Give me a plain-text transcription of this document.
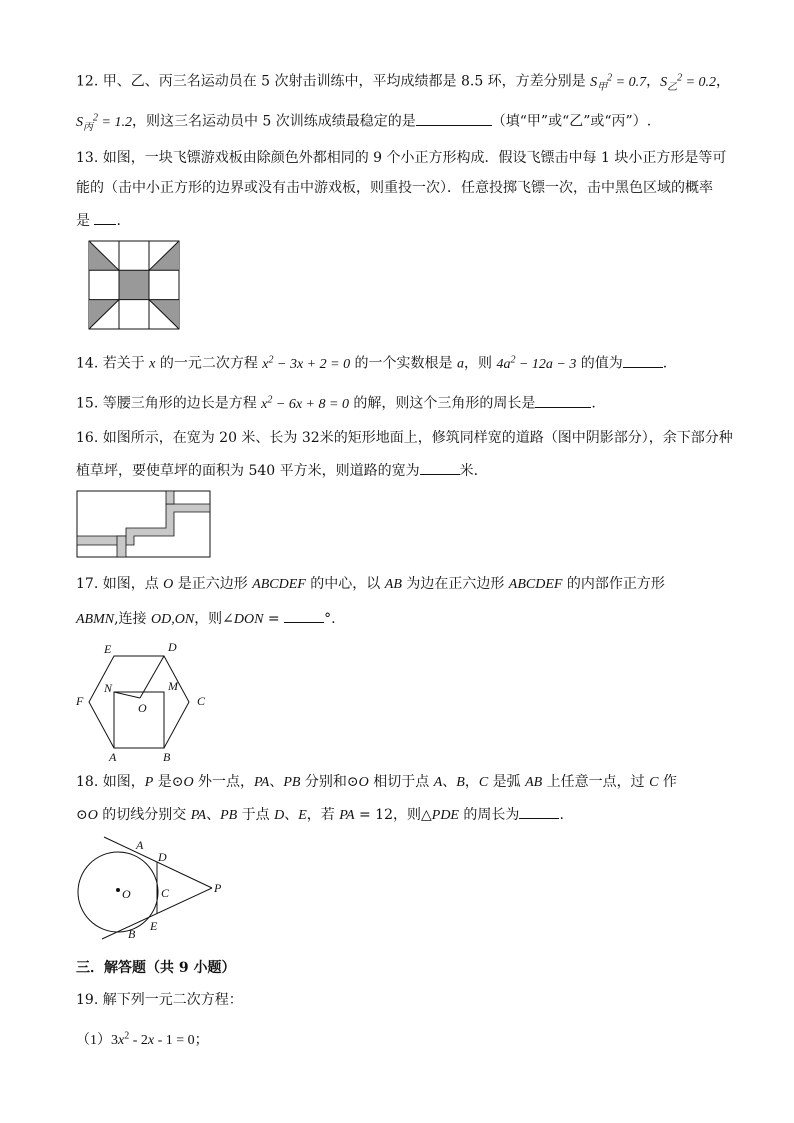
12. 甲、乙、丙三名运动员在 5 次射击训练中，平均成绩都是 8.5 环，方差分别是 $S_甲^2 = 0.7$，$S_乙^2 = 0.2$，
$S_丙^2 = 1.2$，则这三名运动员中 5 次训练成绩最稳定的是	（填“甲”或“乙”或“丙”）.
13. 如图，一块飞镖游戏板由除颜色外都相同的 9 个小正方形构成．假设飞镖击中每 1 块小正方形是等可
能的（击中小正方形的边界或没有击中游戏板，则重投一次）．任意投掷飞镖一次，击中黑色区域的概率
是 .
14. 若关于 x 的一元二次方程 $x^2 - 3x + 2 = 0$ 的一个实数根是 a，则 $4a^2 - 12a - 3$ 的值为	.
15. 等腰三角形的边长是方程 $x^2 - 6x + 8 = 0$ 的解，则这个三角形的周长是	.
16. 如图所示，在宽为 20 米、长为 32米的矩形地面上，修筑同样宽的道路（图中阴影部分），余下部分种
植草坪，要使草坪的面积为 540 平方米，则道路的宽为	米．
17. 如图，点 O 是正六边形 ABCDEF 的中心，以 AB 为边在正六边形 ABCDEF 的内部作正方形
ABMN,连接 OD,ON，则∠DON =	°.
E	D
F	C
N	M
O
A	B
18. 如图，P 是⊙O 外一点，PA、PB 分别和⊙O 相切于点 A、B，C 是弧 AB 上任意一点，过 C 作
⊙O 的切线分别交 PA、PB 于点 D、E，若 PA = 12，则△PDE 的周长为	.
A
D
C	P
O
E
B
三．解答题（共 9 小题）
19. 解下列一元二次方程：
$(1)3x^2 - 2x - 1 = 0$；
